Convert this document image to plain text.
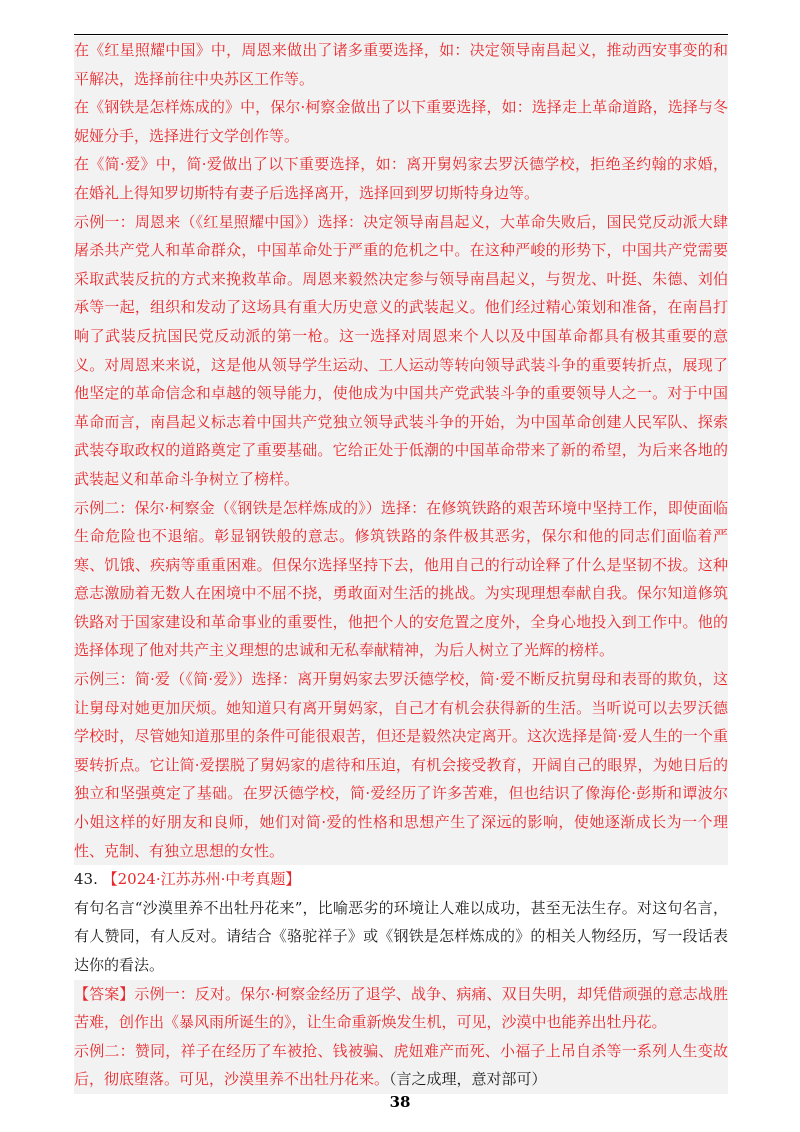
在《红星照耀中国》中，周恩来做出了诸多重要选择，如：决定领导南昌起义，推动西安事变的和平解决，选择前往中央苏区工作等。

在《钢铁是怎样炼成的》中，保尔·柯察金做出了以下重要选择，如：选择走上革命道路，选择与冬妮娅分手，选择进行文学创作等。

在《简·爱》中，简·爱做出了以下重要选择，如：离开舅妈家去罗沃德学校，拒绝圣约翰的求婚，在婚礼上得知罗切斯特有妻子后选择离开，选择回到罗切斯特身边等。

示例一：周恩来（《红星照耀中国》）选择：决定领导南昌起义，大革命失败后，国民党反动派大肆屠杀共产党人和革命群众，中国革命处于严重的危机之中。在这种严峻的形势下，中国共产党需要采取武装反抗的方式来挽救革命。周恩来毅然决定参与领导南昌起义，与贺龙、叶挺、朱德、刘伯承等一起，组织和发动了这场具有重大历史意义的武装起义。他们经过精心策划和准备，在南昌打响了武装反抗国民党反动派的第一枪。这一选择对周恩来个人以及中国革命都具有极其重要的意义。对周恩来来说，这是他从领导学生运动、工人运动等转向领导武装斗争的重要转折点，展现了他坚定的革命信念和卓越的领导能力，使他成为中国共产党武装斗争的重要领导人之一。对于中国革命而言，南昌起义标志着中国共产党独立领导武装斗争的开始，为中国革命创建人民军队、探索武装夺取政权的道路奠定了重要基础。它给正处于低潮的中国革命带来了新的希望，为后来各地的武装起义和革命斗争树立了榜样。

示例二：保尔·柯察金（《钢铁是怎样炼成的》）选择：在修筑铁路的艰苦环境中坚持工作，即使面临生命危险也不退缩。彰显钢铁般的意志。修筑铁路的条件极其恶劣，保尔和他的同志们面临着严寒、饥饿、疾病等重重困难。但保尔选择坚持下去，他用自己的行动诠释了什么是坚韧不拔。这种意志激励着无数人在困境中不屈不挠，勇敢面对生活的挑战。为实现理想奉献自我。保尔知道修筑铁路对于国家建设和革命事业的重要性，他把个人的安危置之度外，全身心地投入到工作中。他的选择体现了他对共产主义理想的忠诚和无私奉献精神，为后人树立了光辉的榜样。

示例三：简·爱（《简·爱》）选择：离开舅妈家去罗沃德学校，简·爱不断反抗舅母和表哥的欺负，这让舅母对她更加厌烦。她知道只有离开舅妈家，自己才有机会获得新的生活。当听说可以去罗沃德学校时，尽管她知道那里的条件可能很艰苦，但还是毅然决定离开。这次选择是简·爱人生的一个重要转折点。它让简·爱摆脱了舅妈家的虐待和压迫，有机会接受教育，开阔自己的眼界，为她日后的独立和坚强奠定了基础。在罗沃德学校，简·爱经历了许多苦难，但也结识了像海伦·彭斯和谭波尔小姐这样的好朋友和良师，她们对简·爱的性格和思想产生了深远的影响，使她逐渐成长为一个理性、克制、有独立思想的女性。

43. 【2024·江苏苏州·中考真题】

有句名言“沙漠里养不出牡丹花来”，比喻恶劣的环境让人难以成功，甚至无法生存。对这句名言，有人赞同，有人反对。请结合《骆驼祥子》或《钢铁是怎样炼成的》的相关人物经历，写一段话表达你的看法。

【答案】示例一：反对。保尔·柯察金经历了退学、战争、病痛、双目失明，却凭借顽强的意志战胜苦难，创作出《暴风雨所诞生的》，让生命重新焕发生机，可见，沙漠中也能养出牡丹花。

示例二：赞同，祥子在经历了车被抢、钱被骗、虎妞难产而死、小福子上吊自杀等一系列人生变故后，彻底堕落。可见，沙漠里养不出牡丹花来。（言之成理，意对部可）

38
